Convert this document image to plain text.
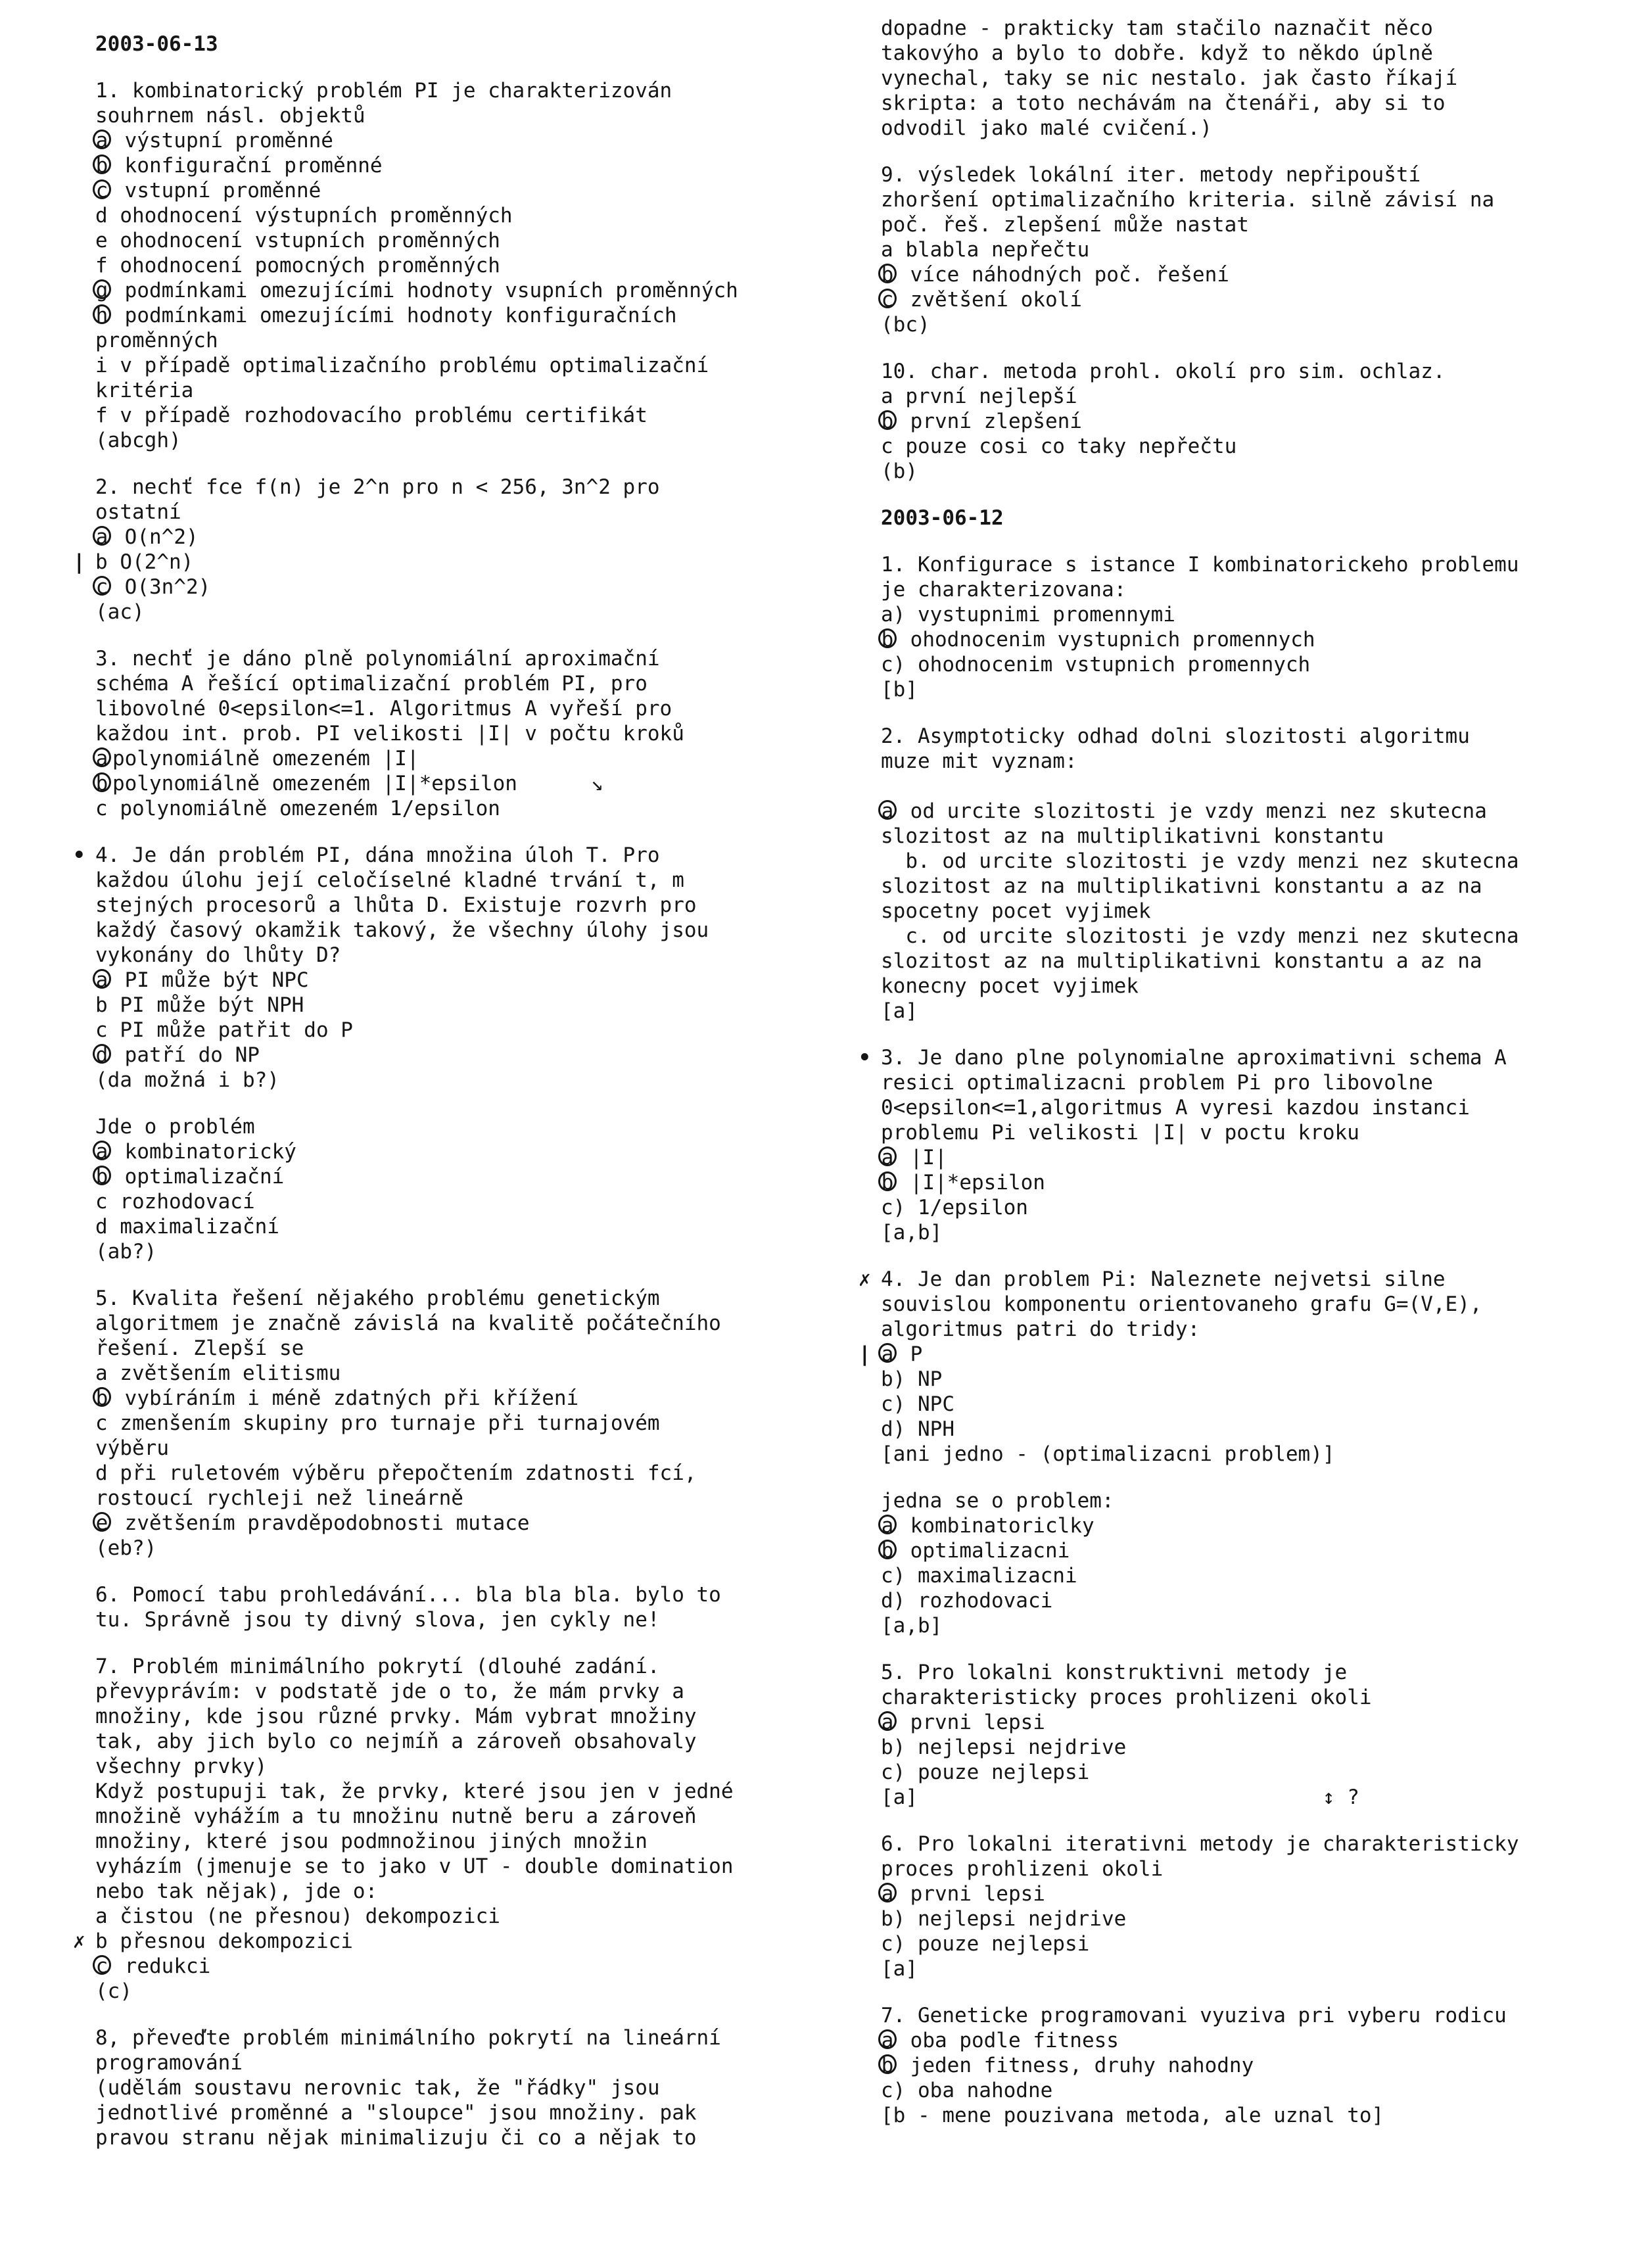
2003-06-13
1. kombinatorický problém PI je charakterizován
souhrnem násl. objektů
a výstupní proměnné
b konfigurační proměnné
c vstupní proměnné
d ohodnocení výstupních proměnných
e ohodnocení vstupních proměnných
f ohodnocení pomocných proměnných
g podmínkami omezujícími hodnoty vsupních proměnných
h podmínkami omezujícími hodnoty konfiguračních
proměnných
i v případě optimalizačního problému optimalizační
kritéria
f v případě rozhodovacího problému certifikát
(abcgh)
2. nechť fce f(n) je 2^n pro n < 256, 3n^2 pro
ostatní
a O(n^2)
| b O(2^n)
c O(3n^2)
(ac)
3. nechť je dáno plně polynomiální aproximační
schéma A řešící optimalizační problém PI, pro
libovolné 0<epsilon<=1. Algoritmus A vyřeší pro
každou int. prob. PI velikosti |I| v počtu kroků
a polynomiálně omezeném |I|
b polynomiálně omezeném |I|*epsilon      ↘
c polynomiálně omezeném 1/epsilon
• 4. Je dán problém PI, dána množina úloh T. Pro
každou úlohu její celočíselné kladné trvání t, m
stejných procesorů a lhůta D. Existuje rozvrh pro
každý časový okamžik takový, že všechny úlohy jsou
vykonány do lhůty D?
a PI může být NPC
b PI může být NPH
c PI může patřit do P
d patří do NP
(da možná i b?)
Jde o problém
a kombinatorický
b optimalizační
c rozhodovací
d maximalizační
(ab?)
5. Kvalita řešení nějakého problému genetickým
algoritmem je značně závislá na kvalitě počátečního
řešení. Zlepší se
a zvětšením elitismu
b vybíráním i méně zdatných při křížení
c zmenšením skupiny pro turnaje při turnajovém
výběru
d při ruletovém výběru přepočtením zdatnosti fcí,
rostoucí rychleji než lineárně
e zvětšením pravděpodobnosti mutace
(eb?)
6. Pomocí tabu prohledávání... bla bla bla. bylo to
tu. Správně jsou ty divný slova, jen cykly ne!
7. Problém minimálního pokrytí (dlouhé zadání.
převyprávím: v podstatě jde o to, že mám prvky a
množiny, kde jsou různé prvky. Mám vybrat množiny
tak, aby jich bylo co nejmíň a zároveň obsahovaly
všechny prvky)
Když postupuji tak, že prvky, které jsou jen v jedné
množině vyhážím a tu množinu nutně beru a zároveň
množiny, které jsou podmnožinou jiných množin
vyházím (jmenuje se to jako v UT - double domination
nebo tak nějak), jde o:
a čistou (ne přesnou) dekompozici
✗ b přesnou dekompozici
c redukci
(c)
8, převeďte problém minimálního pokrytí na lineární
programování
(udělám soustavu nerovnic tak, že "řádky" jsou
jednotlivé proměnné a "sloupce" jsou množiny. pak
pravou stranu nějak minimalizuju či co a nějak to
dopadne - prakticky tam stačilo naznačit něco
takovýho a bylo to dobře. když to někdo úplně
vynechal, taky se nic nestalo. jak často říkají
skripta: a toto nechávám na čtenáři, aby si to
odvodil jako malé cvičení.)
9. výsledek lokální iter. metody nepřipouští
zhoršení optimalizačního kriteria. silně závisí na
poč. řeš. zlepšení může nastat
a blabla nepřečtu
b více náhodných poč. řešení
c zvětšení okolí
(bc)
10. char. metoda prohl. okolí pro sim. ochlaz.
a první nejlepší
b první zlepšení
c pouze cosi co taky nepřečtu
(b)
2003-06-12
1. Konfigurace s istance I kombinatorickeho problemu
je charakterizovana:
a) vystupnimi promennymi
b ohodnocenim vystupnich promennych
c) ohodnocenim vstupnich promennych
[b]
2. Asymptoticky odhad dolni slozitosti algoritmu
muze mit vyznam:

a od urcite slozitosti je vzdy menzi nez skutecna
slozitost az na multiplikativni konstantu
b. od urcite slozitosti je vzdy menzi nez skutecna
slozitost az na multiplikativni konstantu a az na
spocetny pocet vyjimek
c. od urcite slozitosti je vzdy menzi nez skutecna
slozitost az na multiplikativni konstantu a az na
konecny pocet vyjimek
[a]
• 3. Je dano plne polynomialne aproximativni schema A
resici optimalizacni problem Pi pro libovolne
0<epsilon<=1,algoritmus A vyresi kazdou instanci
problemu Pi velikosti |I| v poctu kroku
a |I|
b |I|*epsilon
c) 1/epsilon
[a,b]
✗ 4. Je dan problem Pi: Naleznete nejvetsi silne
souvislou komponentu orientovaneho grafu G=(V,E),
algoritmus patri do tridy:
| a P
b) NP
c) NPC
d) NPH
[ani jedno - (optimalizacni problem)]
jedna se o problem:
a kombinatoriclky
b optimalizacni
c) maximalizacni
d) rozhodovaci
[a,b]
5. Pro lokalni konstruktivni metody je
charakteristicky proces prohlizeni okoli
a prvni lepsi
b) nejlepsi nejdrive
c) pouze nejlepsi
[a]                                 ↕ ?
6. Pro lokalni iterativni metody je charakteristicky
proces prohlizeni okoli
a prvni lepsi
b) nejlepsi nejdrive
c) pouze nejlepsi
[a]
7. Geneticke programovani vyuziva pri vyberu rodicu
a oba podle fitness
b jeden fitness, druhy nahodny
c) oba nahodne
[b - mene pouzivana metoda, ale uznal to]
